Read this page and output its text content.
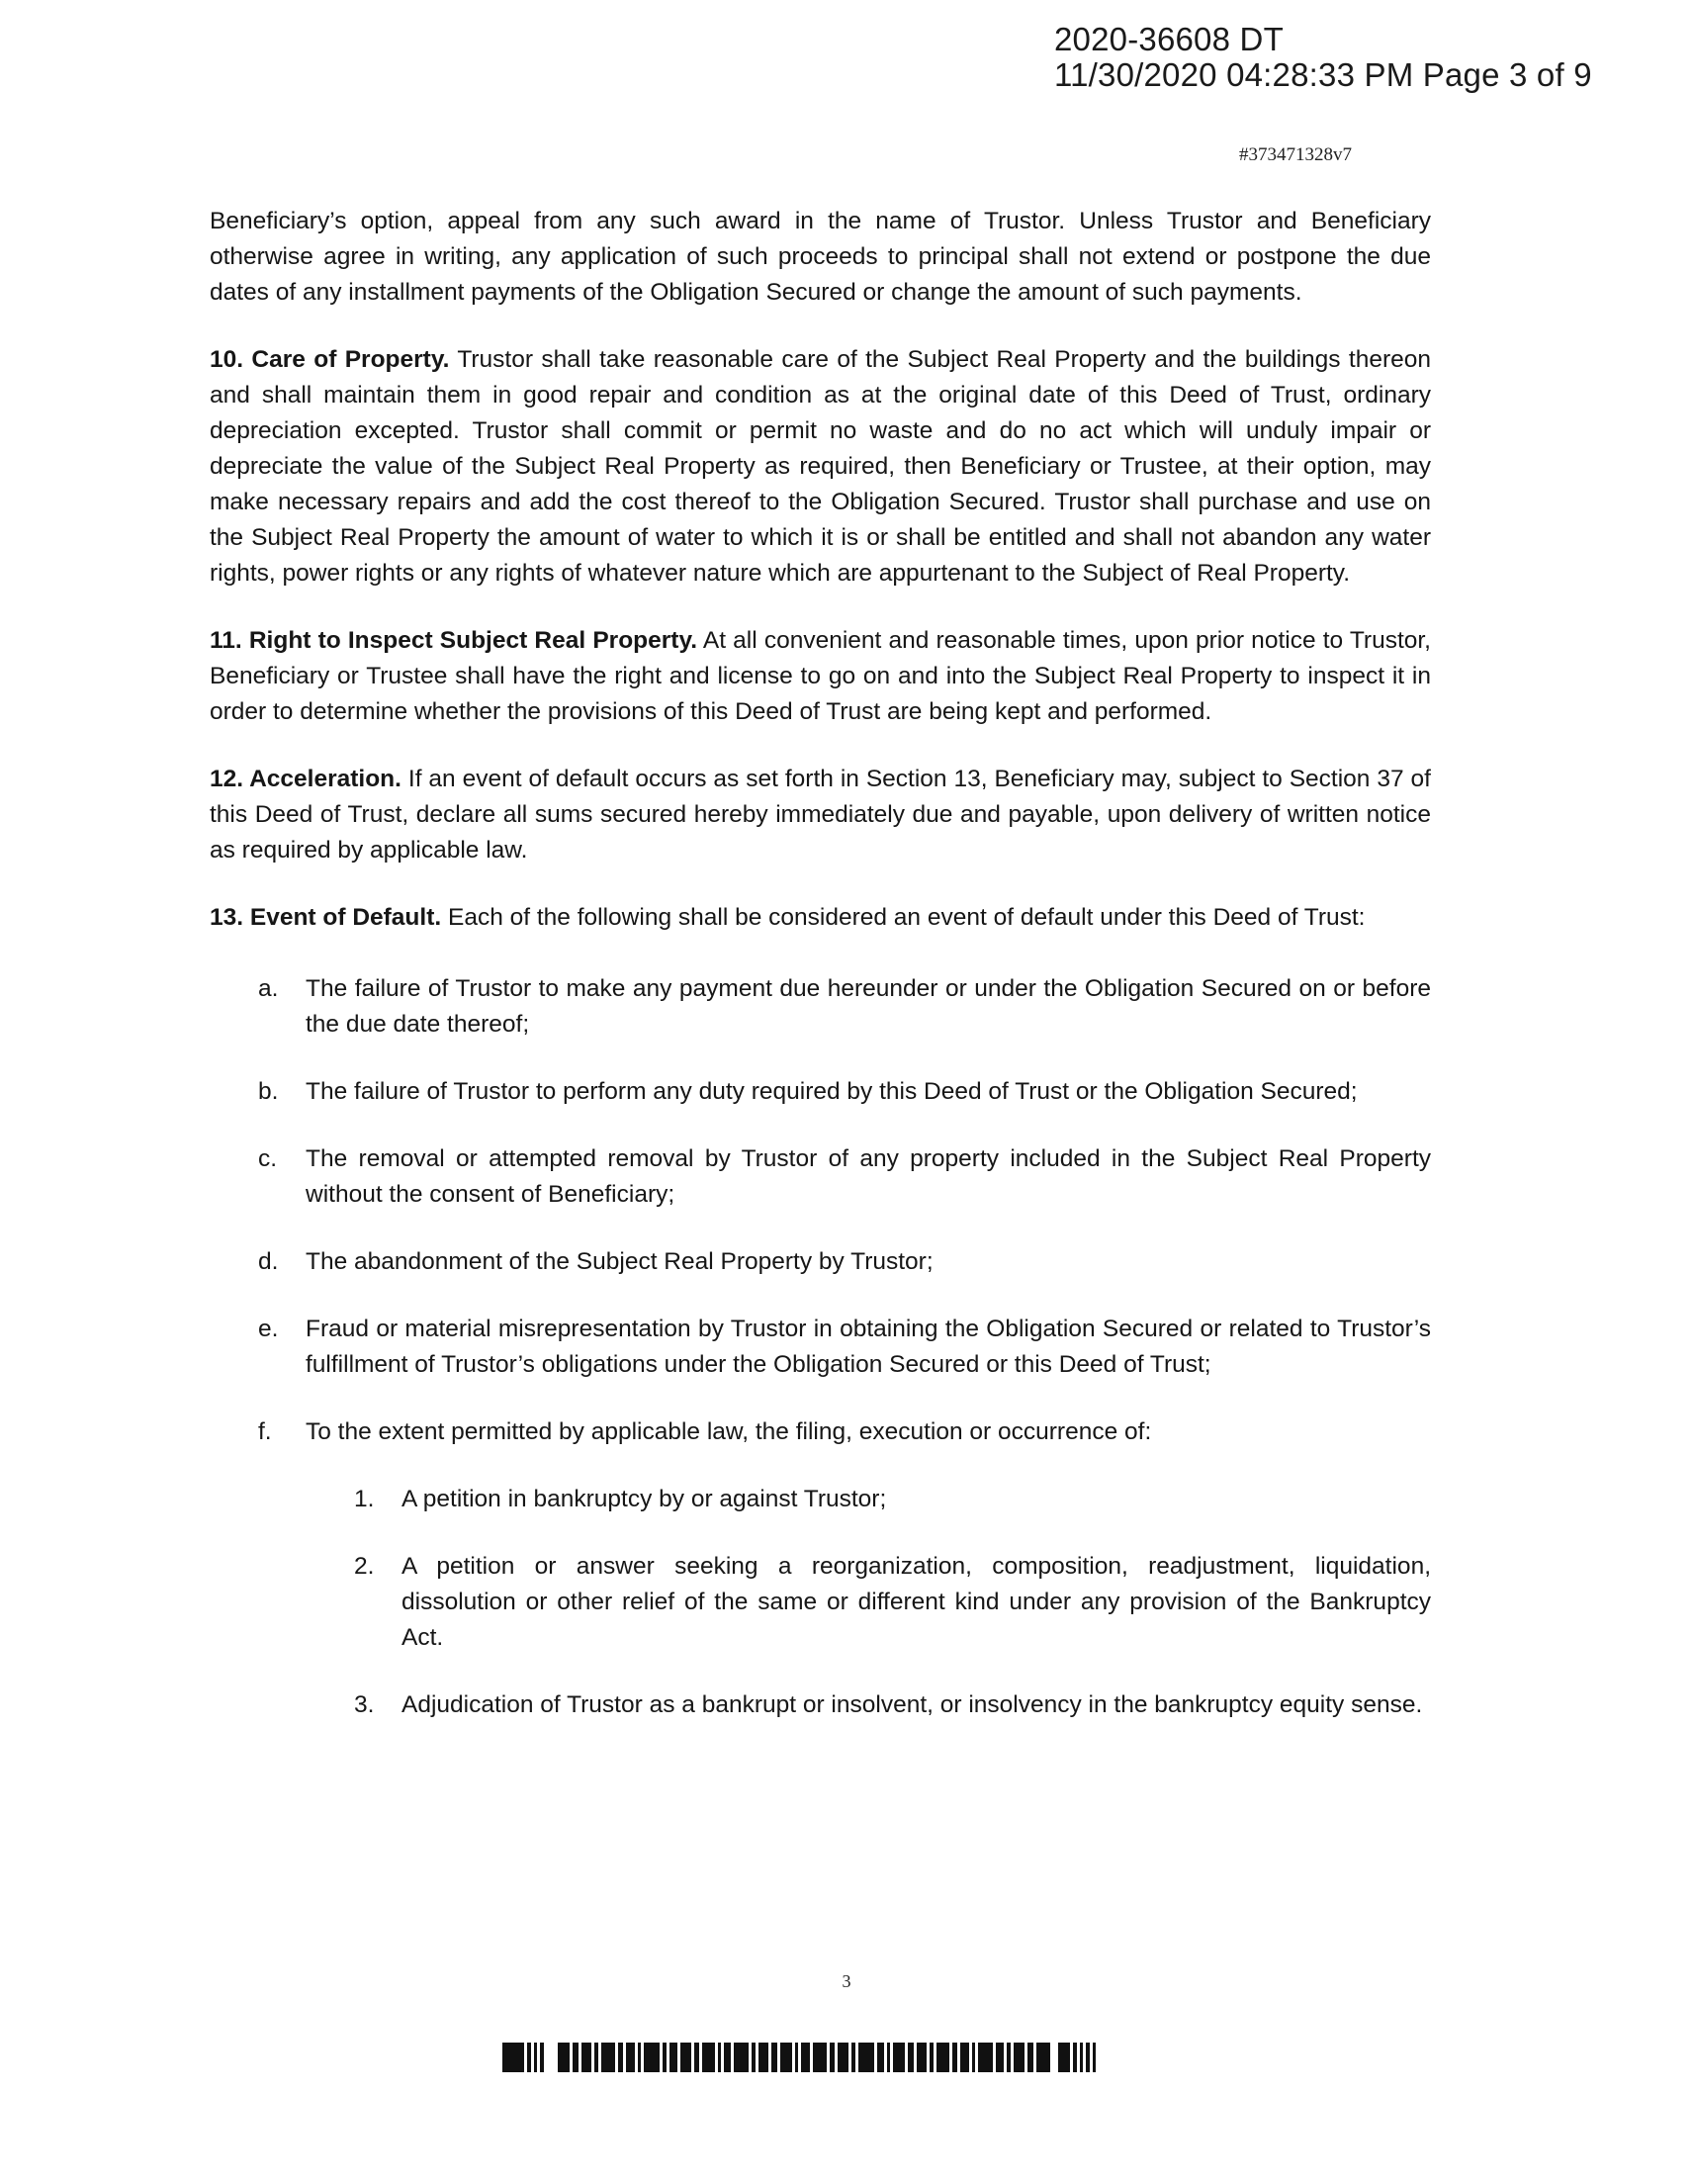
2020-36608 DT
11/30/2020 04:28:33 PM Page 3 of 9
#373471328v7

Beneficiary’s option, appeal from any such award in the name of Trustor. Unless Trustor and Beneficiary otherwise agree in writing, any application of such proceeds to principal shall not extend or postpone the due dates of any installment payments of the Obligation Secured or change the amount of such payments.

10. Care of Property. Trustor shall take reasonable care of the Subject Real Property and the buildings thereon and shall maintain them in good repair and condition as at the original date of this Deed of Trust, ordinary depreciation excepted. Trustor shall commit or permit no waste and do no act which will unduly impair or depreciate the value of the Subject Real Property as required, then Beneficiary or Trustee, at their option, may make necessary repairs and add the cost thereof to the Obligation Secured. Trustor shall purchase and use on the Subject Real Property the amount of water to which it is or shall be entitled and shall not abandon any water rights, power rights or any rights of whatever nature which are appurtenant to the Subject of Real Property.

11. Right to Inspect Subject Real Property. At all convenient and reasonable times, upon prior notice to Trustor, Beneficiary or Trustee shall have the right and license to go on and into the Subject Real Property to inspect it in order to determine whether the provisions of this Deed of Trust are being kept and performed.

12. Acceleration. If an event of default occurs as set forth in Section 13, Beneficiary may, subject to Section 37 of this Deed of Trust, declare all sums secured hereby immediately due and payable, upon delivery of written notice as required by applicable law.

13. Event of Default. Each of the following shall be considered an event of default under this Deed of Trust:

a.	The failure of Trustor to make any payment due hereunder or under the Obligation Secured on or before the due date thereof;
b.	The failure of Trustor to perform any duty required by this Deed of Trust or the Obligation Secured;
c.	The removal or attempted removal by Trustor of any property included in the Subject Real Property without the consent of Beneficiary;
d.	The abandonment of the Subject Real Property by Trustor;
e.	Fraud or material misrepresentation by Trustor in obtaining the Obligation Secured or related to Trustor’s fulfillment of Trustor’s obligations under the Obligation Secured or this Deed of Trust;
f.	To the extent permitted by applicable law, the filing, execution or occurrence of:
1.	A petition in bankruptcy by or against Trustor;
2.	A petition or answer seeking a reorganization, composition, readjustment, liquidation, dissolution or other relief of the same or different kind under any provision of the Bankruptcy Act.
3.	Adjudication of Trustor as a bankrupt or insolvent, or insolvency in the bankruptcy equity sense.
3
